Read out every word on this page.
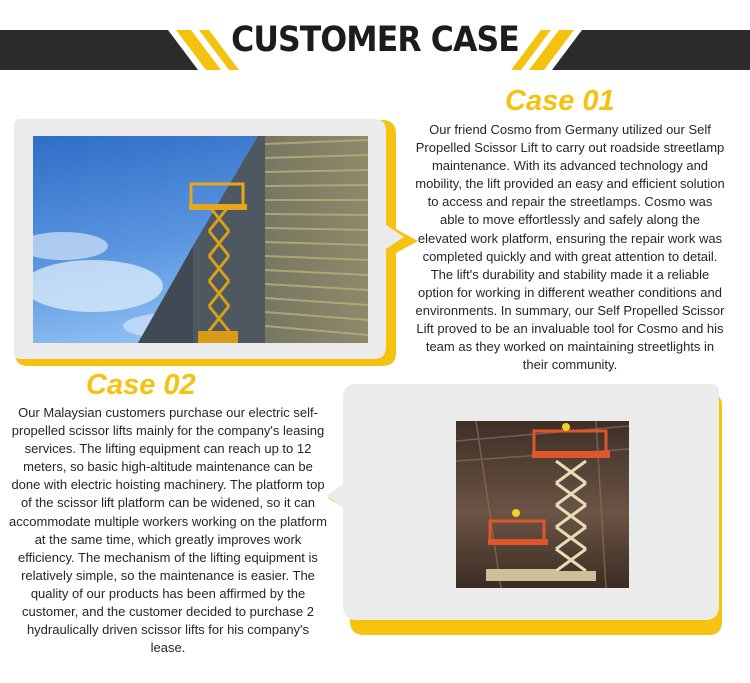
CUSTOMER CASE
Case 01

Our friend Cosmo from Germany utilized our Self Propelled Scissor Lift to carry out roadside streetlamp maintenance. With its advanced technology and mobility, the lift provided an easy and efficient solution to access and repair the streetlamps. Cosmo was able to move effortlessly and safely along the elevated work platform, ensuring the repair work was completed quickly and with great attention to detail. The lift's durability and stability made it a reliable option for working in different weather conditions and environments. In summary, our Self Propelled Scissor Lift proved to be an invaluable tool for Cosmo and his team as they worked on maintaining streetlights in their community.

Case 02

Our Malaysian customers purchase our electric self-propelled scissor lifts mainly for the company's leasing services. The lifting equipment can reach up to 12 meters, so basic high-altitude maintenance can be done with electric hoisting machinery. The platform top of the scissor lift platform can be widened, so it can accommodate multiple workers working on the platform at the same time, which greatly improves work efficiency. The mechanism of the lifting equipment is relatively simple, so the maintenance is easier. The quality of our products has been affirmed by the customer, and the customer decided to purchase 2 hydraulically driven scissor lifts for his company's lease.
